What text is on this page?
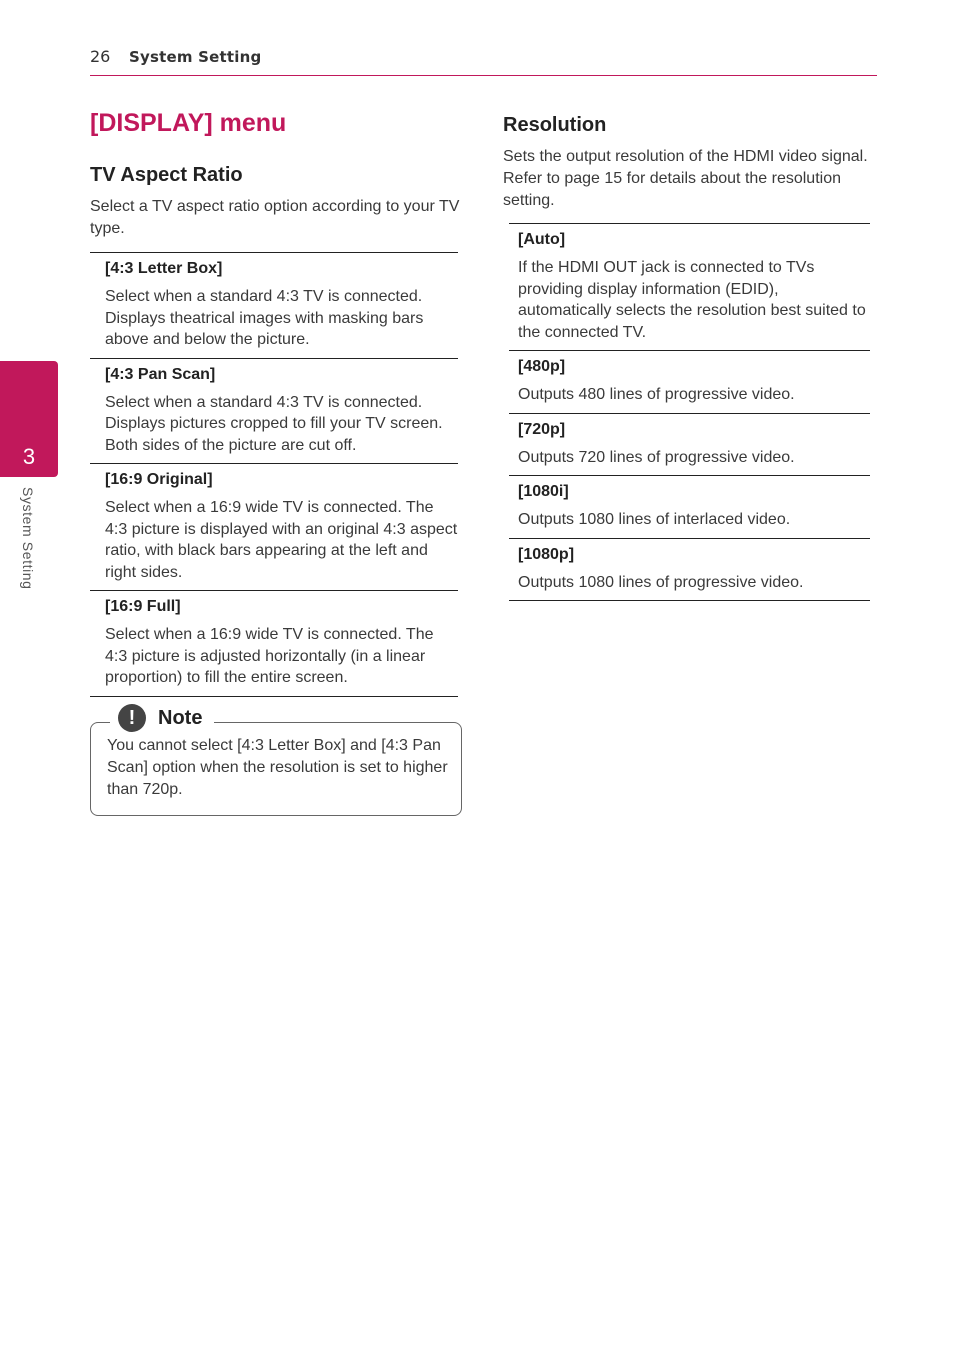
26 System Setting
3
System Setting
[DISPLAY] menu
TV Aspect Ratio
Select a TV aspect ratio option according to your TV type.
[4:3 Letter Box]
Select when a standard 4:3 TV is connected. Displays theatrical images with masking bars above and below the picture.
[4:3 Pan Scan]
Select when a standard 4:3 TV is connected. Displays pictures cropped to fill your TV screen. Both sides of the picture are cut off.
[16:9 Original]
Select when a 16:9 wide TV is connected. The 4:3 picture is displayed with an original 4:3 aspect ratio, with black bars appearing at the left and right sides.
[16:9 Full]
Select when a 16:9 wide TV is connected. The 4:3 picture is adjusted horizontally (in a linear proportion) to fill the entire screen.
!	Note
You cannot select [4:3 Letter Box] and [4:3 Pan Scan] option when the resolution is set to higher than 720p.
Resolution
Sets the output resolution of the HDMI video signal. Refer to page 15 for details about the resolution setting.
[Auto]
If the HDMI OUT jack is connected to TVs providing display information (EDID), automatically selects the resolution best suited to the connected TV.
[480p]
Outputs 480 lines of progressive video.
[720p]
Outputs 720 lines of progressive video.
[1080i]
Outputs 1080 lines of interlaced video.
[1080p]
Outputs 1080 lines of progressive video.
